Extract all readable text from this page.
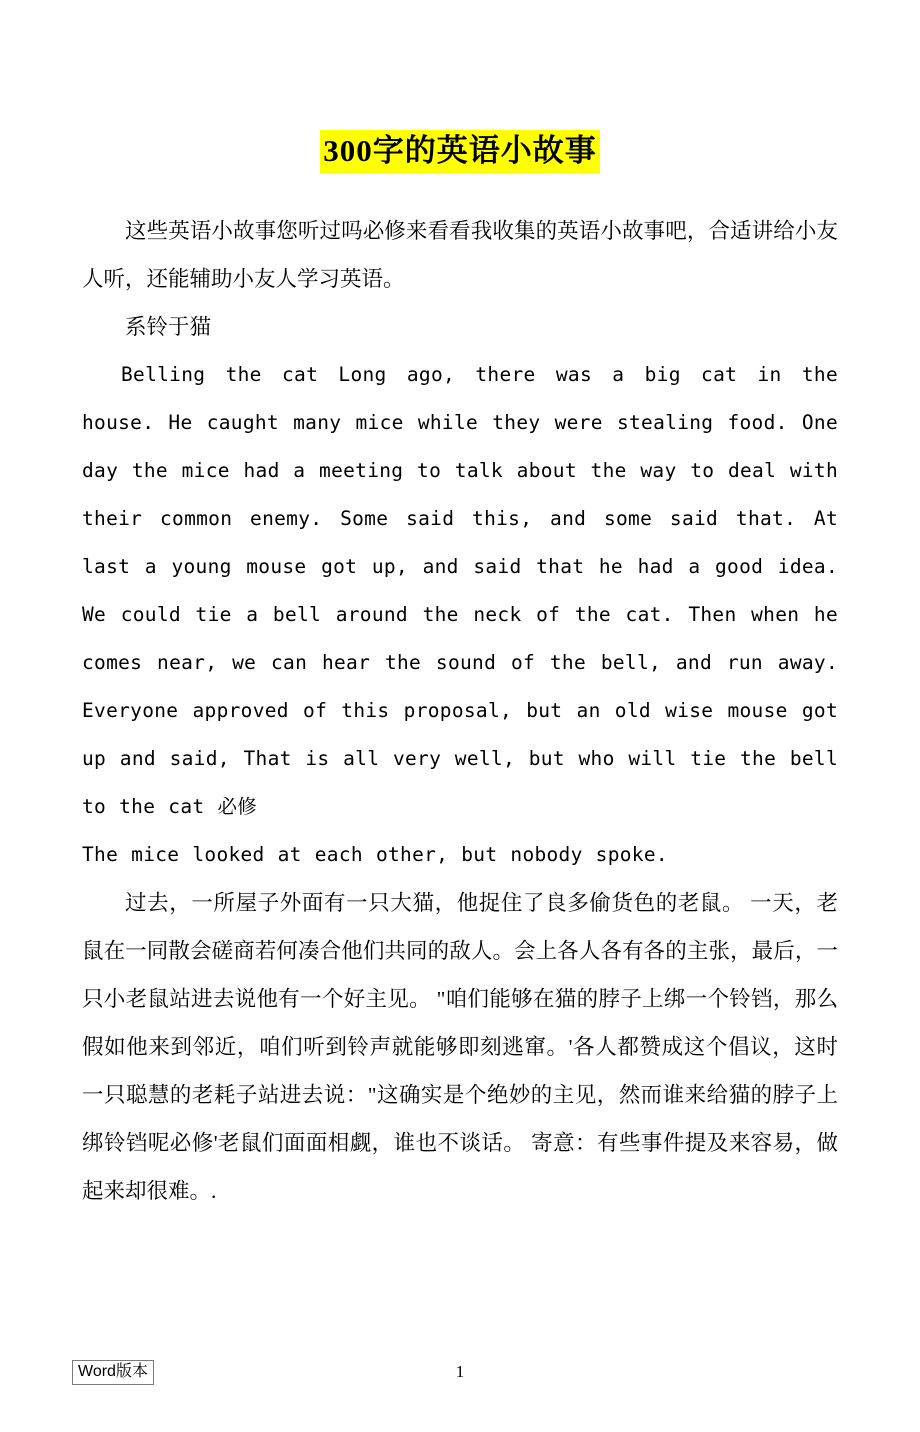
300字的英语小故事

这些英语小故事您听过吗必修来看看我收集的英语小故事吧，合适讲给小友人听，还能辅助小友人学习英语。

系铃于猫

Belling the cat Long ago, there was a big cat in the house. He caught many mice while they were stealing food. One day the mice had a meeting to talk about the way to deal with their common enemy. Some said this, and some said that. At last a young mouse got up, and said that he had a good idea. We could tie a bell around the neck of the cat. Then when he comes near, we can hear the sound of the bell, and run away. Everyone approved of this proposal, but an old wise mouse got up and said, That is all very well, but who will tie the bell to the cat 必修

The mice looked at each other, but nobody spoke.

过去，一所屋子外面有一只大猫，他捉住了良多偷货色的老鼠。 一天，老鼠在一同散会磋商若何凑合他们共同的敌人。会上各人各有各的主张，最后，一只小老鼠站进去说他有一个好主见。 "咱们能够在猫的脖子上绑一个铃铛，那么假如他来到邻近，咱们听到铃声就能够即刻逃窜。'各人都赞成这个倡议，这时一只聪慧的老耗子站进去说："这确实是个绝妙的主见，然而谁来给猫的脖子上绑铃铛呢必修'老鼠们面面相觑，谁也不谈话。 寄意：有些事件提及来容易，做起来却很难。.

Word版本	1
